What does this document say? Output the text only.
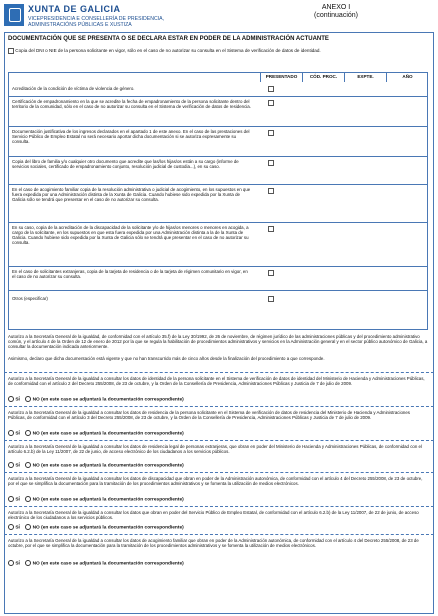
XUNTA DE GALICIA
VICEPRESIDENCIA E CONSELLERÍA DE PRESIDENCIA,
ADMINISTRACIÓNS PÚBLICAS E XUSTIZA
ANEXO I
(continuación)
DOCUMENTACIÓN QUE SE PRESENTA O SE DECLARA ESTAR EN PODER DE LA ADMINISTRACIÓN ACTUANTE
Copia del DNI o NIE de la persona solicitante en vigor, sólo en el caso de no autorizar su consulta en el Sistema de verificación de datos de identidad.
PRESENTADO	CÓD. PROC.	EXPTE.	AÑO
Acreditación de la condición de víctima de violencia de género.
Certificación de empadronamiento en la que se acredite la fecha de empadronamiento de la persona solicitante dentro del territorio de la comunidad, sólo en el caso de no autorizar su consulta en el Sistema de verificación de datos de residencia.
Documentación justificativa de los ingresos declarados en el apartado 1 de este anexo. En el caso de las prestaciones del Servicio Público de Empleo Estatal no será necesario aportar dicha documentación si se autoriza expresamente su consulta.
Copia del libro de familia y/o cualquier otro documento que acredite que las/los hijas/os están a su cargo (informe de servicios sociales, certificado de empadronamiento conjunto, resolución judicial de custodia...), en su caso.
En el caso de acogimiento familiar copia de la resolución administrativa o judicial de acogimiento, en los supuestos en que fuera expedida por una Administración distinta de la Xunta de Galicia. Cuando hubiese sido expedida por la Xunta de Galicia sólo se tendrá que presentar en el caso de no autorizar su consulta.
En su caso, copia de la acreditación de la discapacidad de la solicitante y/o de hijas/os menores o menores en acogida, a cargo de la solicitante, en los supuestos en que esta fuera expedida por una Administración distinta a la de la Xunta de Galicia. Cuando hubiese sido expedida por la Xunta de Galicia sólo se tendrá que presentar en el caso de no autorizar su consulta.
En el caso de solicitantes extranjeras, copia de la tarjeta de residencia o de la tarjeta de régimen comunitario en vigor, en el caso de no autorizar su consulta.
Otros (especificar)
Autorizo a la Secretaría General de la igualdad, de conformidad con el artículo 35.f) de la Ley 30/1992, de 26 de noviembre, de régimen jurídico de las administraciones públicas y del procedimiento administrativo común, y el artículo 4 de la Orden de 12 de enero de 2012 por la que se regula la habilitación de procedimientos administrativos y servicios en la Administración general y en el sector público autonómico de Galicia, a consultar la documentación indicada anteriormente.
Asimismo, declaro que dicha documentación está vigente y que no han transcurrido más de cinco años desde la finalización del procedimiento a que corresponde.
Autorizo a la Secretaría General de la igualdad a consultar los datos de identidad de la persona solicitante en el Sistema de verificación de datos de identidad del Ministerio de Hacienda y Administraciones Públicas, de conformidad con el artículo 2 del Decreto 255/2008, de 23 de octubre, y la Orden de la Consellería de Presidencia, Administraciones Públicas y Justicia de 7 de julio de 2009.
SÍ	NO (en este caso se adjuntará la documentación correspondiente)
Autorizo a la Secretaría General de la igualdad a consultar los datos de residencia de la persona solicitante en el Sistema de verificación de datos de residencia del Ministerio de Hacienda y Administraciones Públicas, de conformidad con el artículo 3 del Decreto 255/2008, de 23 de octubre, y la Orden de la Consellería de Presidencia, Administraciones Públicas y Justicia de 7 de julio de 2009.
SÍ	NO (en este caso se adjuntará la documentación correspondiente)
Autorizo a la Secretaría General de la igualdad a consultar los datos de residencia legal de personas extranjeras, que obran en poder del Ministerio de Hacienda y Administraciones Públicas, de conformidad con el artículo 6.2.b) de la Ley 11/2007, de 22 de junio, de acceso electrónico de los ciudadanos a los servicios públicos.
SÍ	NO (en este caso se adjuntará la documentación correspondiente)
Autorizo a la Secretaría General de la igualdad a consultar los datos de discapacidad que obran en poder de la Administración autonómica, de conformidad con el artículo 4 del Decreto 255/2008, de 23 de octubre, por el que se simplifica la documentación para la tramitación de los procedimientos administrativos y se fomenta la utilización de medios electrónicos.
SÍ	NO (en este caso se adjuntará la documentación correspondiente)
Autorizo a la Secretaría General de la igualdad a consultar los datos que obran en poder del Servicio Público de Empleo Estatal, de conformidad con el artículo 6.2.b) de la Ley 11/2007, de 22 de junio, de acceso electrónico de los ciudadanos a los servicios públicos.
SÍ	NO (en este caso se adjuntará la documentación correspondiente)
Autorizo a la Secretaría General de la igualdad a consultar los datos de acogimiento familiar que obran en poder de la Administración autonómica, de conformidad con el artículo 4 del Decreto 255/2008, de 23 de octubre, por el que se simplifica la documentación para la tramitación de los procedimientos administrativos y se fomenta la utilización de medios electrónicos.
SÍ	NO (en este caso se adjuntará la documentación correspondiente)
